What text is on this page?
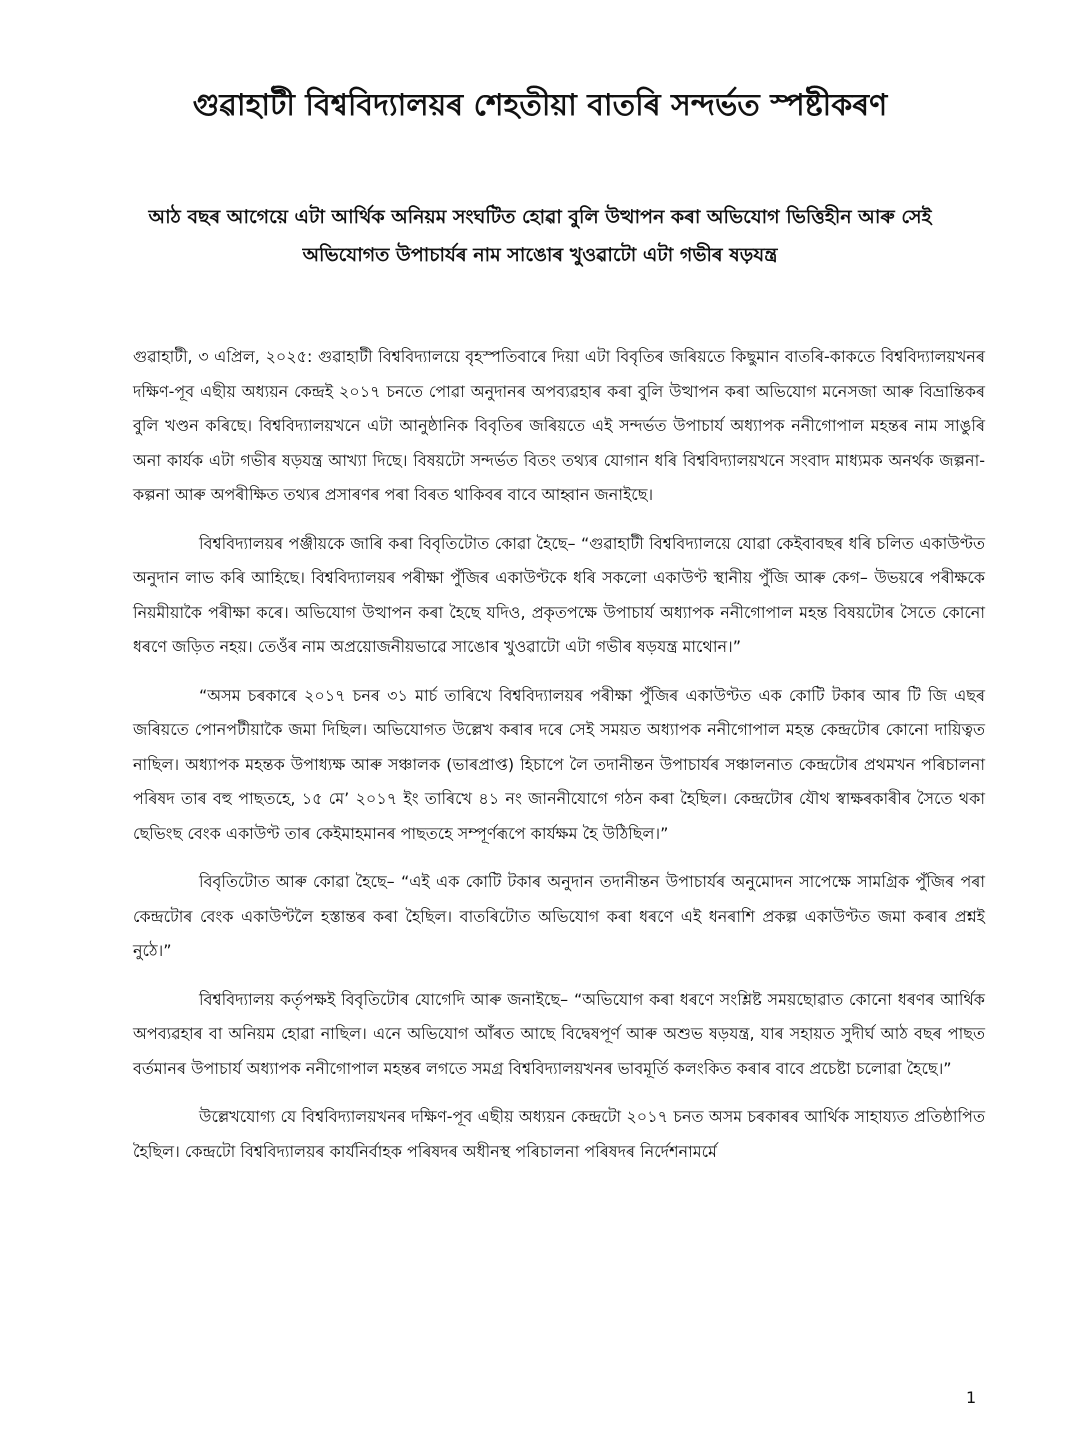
গুৱাহাটী বিশ্ববিদ্যালয়ৰ শেহতীয়া বাতৰি সন্দৰ্ভত স্পষ্টীকৰণ
আঠ বছৰ আগেয়ে এটা আৰ্থিক অনিয়ম সংঘটিত হোৱা বুলি উত্থাপন কৰা অভিযোগ ভিত্তিহীন আৰু সেই অভিযোগত উপাচাৰ্যৰ নাম সাঙোৰ খুওৱাটো এটা গভীৰ ষড়যন্ত্ৰ

গুৱাহাটী, ৩ এপ্ৰিল, ২০২৫: গুৱাহাটী বিশ্ববিদ্যালয়ে বৃহস্পতিবাৰে দিয়া এটা বিবৃতিৰ জৰিয়তে কিছুমান বাতৰি-কাকতে বিশ্ববিদ্যালয়খনৰ দক্ষিণ-পূব এছীয় অধ্যয়ন কেন্দ্ৰই ২০১৭ চনতে পোৱা অনুদানৰ অপব্যৱহাৰ কৰা বুলি উত্থাপন কৰা অভিযোগ মনেসজা আৰু বিভ্ৰান্তিকৰ বুলি খণ্ডন কৰিছে। বিশ্ববিদ্যালয়খনে এটা আনুষ্ঠানিক বিবৃতিৰ জৰিয়তে এই সন্দৰ্ভত উপাচাৰ্য অধ্যাপক ননীগোপাল মহন্তৰ নাম সাঙুৰি অনা কাৰ্যক এটা গভীৰ ষড়যন্ত্ৰ আখ্যা দিছে। বিষয়টো সন্দৰ্ভত বিতং তথ্যৰ যোগান ধৰি বিশ্ববিদ্যালয়খনে সংবাদ মাধ্যমক অনৰ্থক জল্পনা-কল্পনা আৰু অপৰীক্ষিত তথ্যৰ প্ৰসাৰণৰ পৰা বিৰত থাকিবৰ বাবে আহ্বান জনাইছে।

বিশ্ববিদ্যালয়ৰ পঞ্জীয়কে জাৰি কৰা বিবৃতিটোত কোৱা হৈছে– “গুৱাহাটী বিশ্ববিদ্যালয়ে যোৱা কেইবাবছৰ ধৰি চলিত একাউণ্টত অনুদান লাভ কৰি আহিছে। বিশ্ববিদ্যালয়ৰ পৰীক্ষা পুঁজিৰ একাউণ্টকে ধৰি সকলো একাউণ্ট স্থানীয় পুঁজি আৰু কেগ– উভয়ৰে পৰীক্ষকে নিয়মীয়াকৈ পৰীক্ষা কৰে। অভিযোগ উত্থাপন কৰা হৈছে যদিও, প্ৰকৃতপক্ষে উপাচাৰ্য অধ্যাপক ননীগোপাল মহন্ত বিষয়টোৰ সৈতে কোনো ধৰণে জড়িত নহয়। তেওঁৰ নাম অপ্ৰয়োজনীয়ভাৱে সাঙোৰ খুওৱাটো এটা গভীৰ ষড়যন্ত্ৰ মাথোন।”

“অসম চৰকাৰে ২০১৭ চনৰ ৩১ মাৰ্চ তাৰিখে বিশ্ববিদ্যালয়ৰ পৰীক্ষা পুঁজিৰ একাউণ্টত এক কোটি টকাৰ আৰ টি জি এছৰ জৰিয়তে পোনপটীয়াকৈ জমা দিছিল। অভিযোগত উল্লেখ কৰাৰ দৰে সেই সময়ত অধ্যাপক ননীগোপাল মহন্ত কেন্দ্ৰটোৰ কোনো দায়িত্বত নাছিল। অধ্যাপক মহন্তক উপাধ্যক্ষ আৰু সঞ্চালক (ভাৰপ্ৰাপ্ত) হিচাপে লৈ তদানীন্তন উপাচাৰ্যৰ সঞ্চালনাত কেন্দ্ৰটোৰ প্ৰথমখন পৰিচালনা পৰিষদ তাৰ বহু পাছতহে, ১৫ মে’ ২০১৭ ইং তাৰিখে ৪১ নং জাননীযোগে গঠন কৰা হৈছিল। কেন্দ্ৰটোৰ যৌথ স্বাক্ষৰকাৰীৰ সৈতে থকা ছেভিংছ বেংক একাউণ্ট তাৰ কেইমাহমানৰ পাছতহে সম্পূৰ্ণৰূপে কাৰ্যক্ষম হৈ উঠিছিল।”

বিবৃতিটোত আৰু কোৱা হৈছে– “এই এক কোটি টকাৰ অনুদান তদানীন্তন উপাচাৰ্যৰ অনুমোদন সাপেক্ষে সামগ্ৰিক পুঁজিৰ পৰা কেন্দ্ৰটোৰ বেংক একাউণ্টলৈ হস্তান্তৰ কৰা হৈছিল। বাতৰিটোত অভিযোগ কৰা ধৰণে এই ধনৰাশি প্ৰকল্প একাউণ্টত জমা কৰাৰ প্ৰশ্নই নুঠে।”

বিশ্ববিদ্যালয় কৰ্তৃপক্ষই বিবৃতিটোৰ যোগেদি আৰু জনাইছে– “অভিযোগ কৰা ধৰণে সংশ্লিষ্ট সময়ছোৱাত কোনো ধৰণৰ আৰ্থিক অপব্যৱহাৰ বা অনিয়ম হোৱা নাছিল। এনে অভিযোগ আঁৰত আছে বিদ্বেষপূৰ্ণ আৰু অশুভ ষড়যন্ত্ৰ, যাৰ সহায়ত সুদীৰ্ঘ আঠ বছৰ পাছত বৰ্তমানৰ উপাচাৰ্য অধ্যাপক ননীগোপাল মহন্তৰ লগতে সমগ্ৰ বিশ্ববিদ্যালয়খনৰ ভাবমূৰ্তি কলংকিত কৰাৰ বাবে প্ৰচেষ্টা চলোৱা হৈছে।”

উল্লেখযোগ্য যে বিশ্ববিদ্যালয়খনৰ দক্ষিণ-পূব এছীয় অধ্যয়ন কেন্দ্ৰটো ২০১৭ চনত অসম চৰকাৰৰ আৰ্থিক সাহায্যত প্ৰতিষ্ঠাপিত হৈছিল। কেন্দ্ৰটো বিশ্ববিদ্যালয়ৰ কাৰ্যনিৰ্বাহক পৰিষদৰ অধীনস্থ পৰিচালনা পৰিষদৰ নিৰ্দেশনামৰ্মে

1
